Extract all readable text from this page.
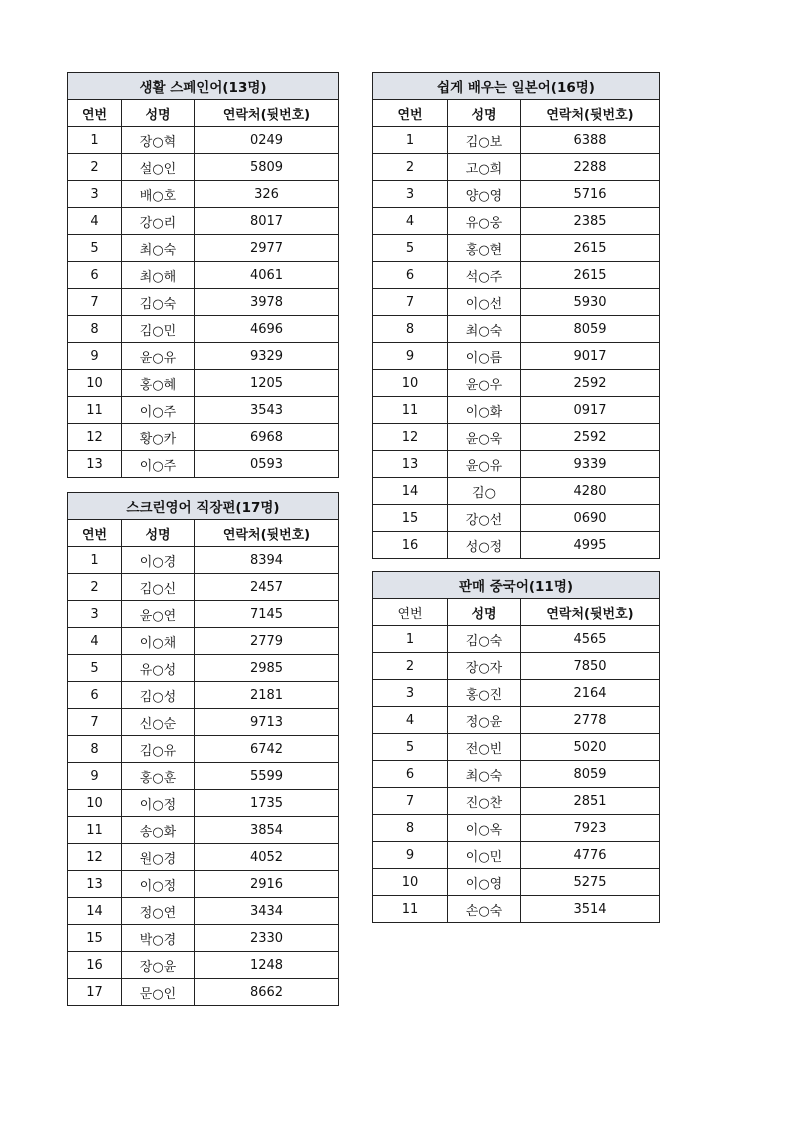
생활 스페인어(13명)		
연번	성명	연락처(뒷번호)
1	장○혁	0249
2	설○인	5809
3	배○호	326
4	강○리	8017
5	최○숙	2977
6	최○해	4061
7	김○숙	3978
8	김○민	4696
9	윤○유	9329
10	홍○혜	1205
11	이○주	3543
12	황○카	6968
13	이○주	0593
스크린영어 직장편(17명)		
연번	성명	연락처(뒷번호)
1	이○경	8394
2	김○신	2457
3	윤○연	7145
4	이○채	2779
5	유○성	2985
6	김○성	2181
7	신○순	9713
8	김○유	6742
9	홍○훈	5599
10	이○정	1735
11	송○화	3854
12	원○경	4052
13	이○정	2916
14	정○연	3434
15	박○경	2330
16	장○윤	1248
17	문○인	8662
쉽게 배우는 일본어(16명)		
연번	성명	연락처(뒷번호)
1	김○보	6388
2	고○희	2288
3	양○영	5716
4	유○웅	2385
5	홍○현	2615
6	석○주	2615
7	이○선	5930
8	최○숙	8059
9	이○름	9017
10	윤○우	2592
11	이○화	0917
12	윤○욱	2592
13	윤○유	9339
14	김○	4280
15	강○선	0690
16	성○정	4995
판매 중국어(11명)		
연번	성명	연락처(뒷번호)
1	김○숙	4565
2	장○자	7850
3	홍○진	2164
4	정○윤	2778
5	전○빈	5020
6	최○숙	8059
7	진○찬	2851
8	이○옥	7923
9	이○민	4776
10	이○영	5275
11	손○숙	3514
